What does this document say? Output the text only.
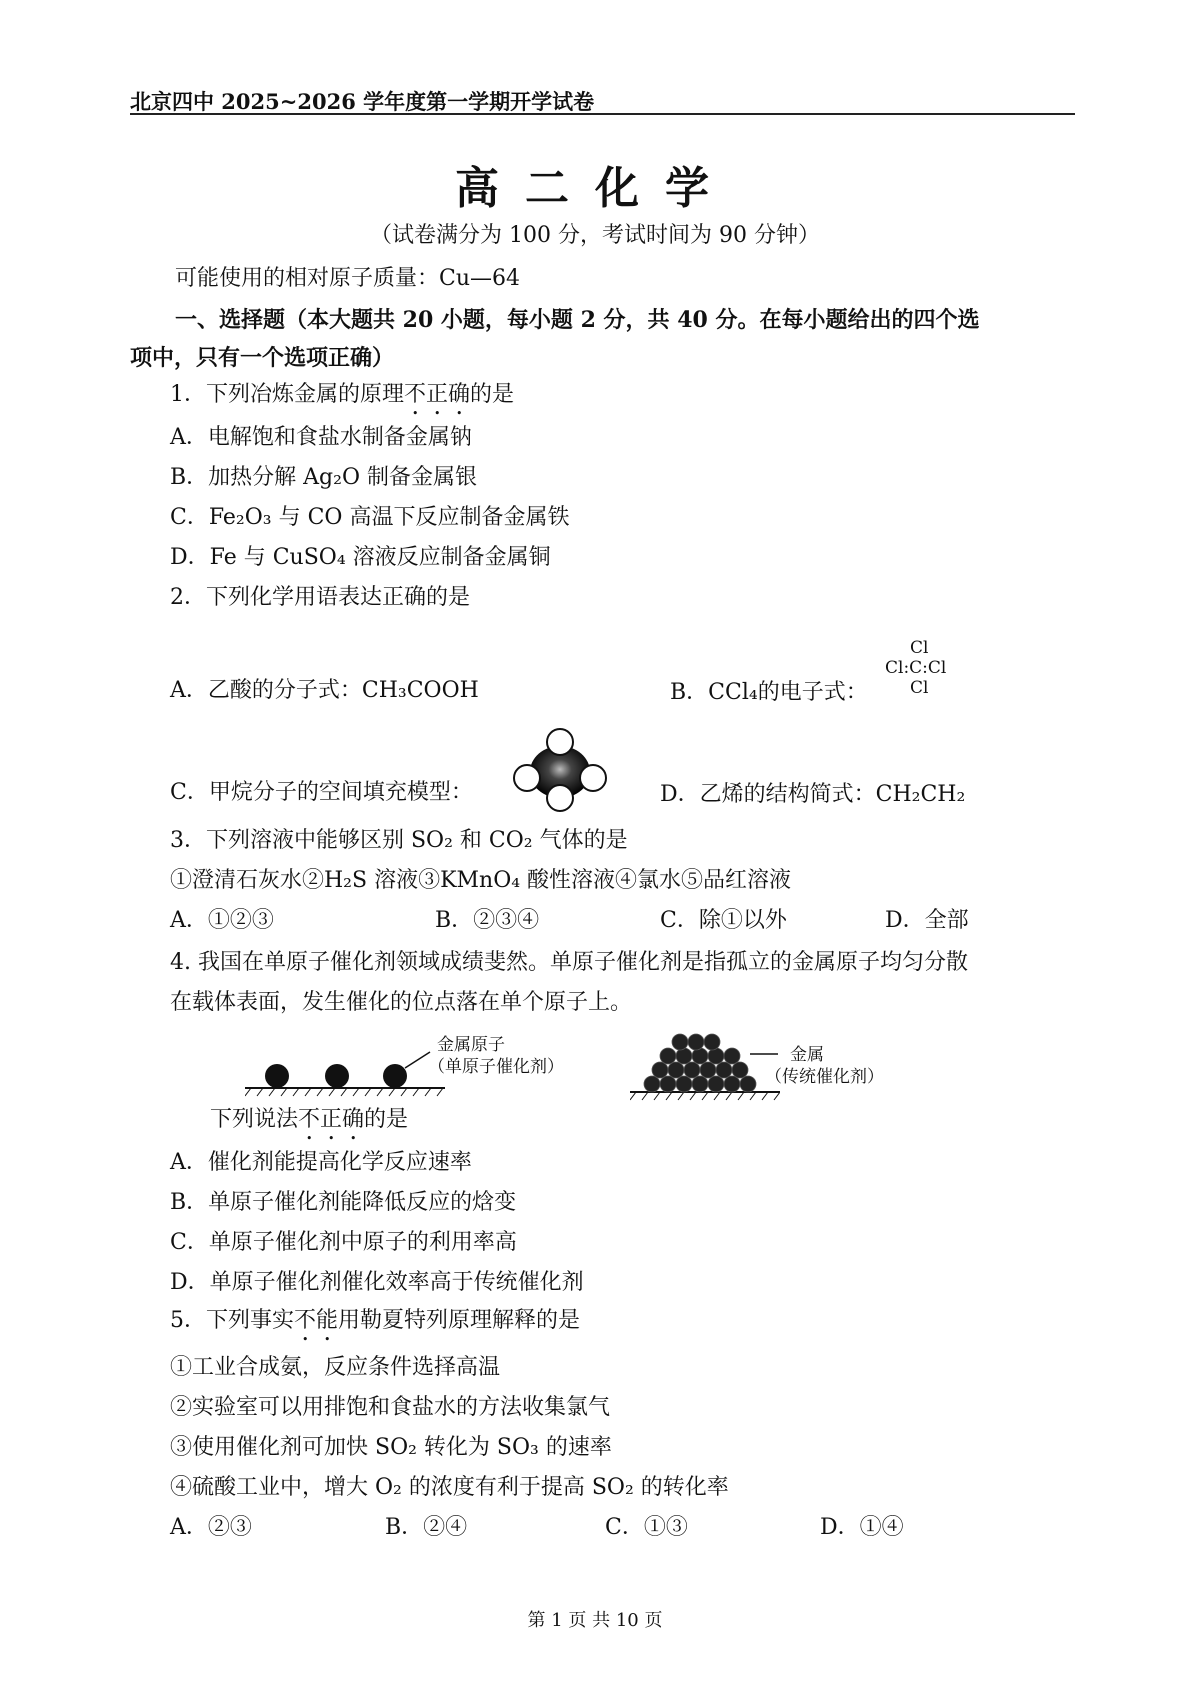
北京四中 2025~2026 学年度第一学期开学试卷
高二化学
（试卷满分为 100 分，考试时间为 90 分钟）
可能使用的相对原子质量：Cu—64
一、选择题（本大题共 20 小题，每小题 2 分，共 40 分。在每小题给出的四个选
项中，只有一个选项正确）
1．下列冶炼金属的原理不正确的是
A．电解饱和食盐水制备金属钠
B．加热分解 Ag₂O 制备金属银
C．Fe₂O₃ 与 CO 高温下反应制备金属铁
D．Fe 与 CuSO₄ 溶液反应制备金属铜
2．下列化学用语表达正确的是
A．乙酸的分子式：CH₃COOH	B．CCl₄的电子式：
Cl
Cl:C:Cl
Cl
C．甲烷分子的空间填充模型：	D．乙烯的结构简式：CH₂CH₂
3．下列溶液中能够区别 SO₂ 和 CO₂ 气体的是
①澄清石灰水②H₂S 溶液③KMnO₄ 酸性溶液④氯水⑤品红溶液
A．①②③	B．②③④	C．除①以外	D．全部
4. 我国在单原子催化剂领域成绩斐然。单原子催化剂是指孤立的金属原子均匀分散
在载体表面，发生催化的位点落在单个原子上。
金属原子
（单原子催化剂）
金属
（传统催化剂）
下列说法不正确的是
A．催化剂能提高化学反应速率
B．单原子催化剂能降低反应的焓变
C．单原子催化剂中原子的利用率高
D．单原子催化剂催化效率高于传统催化剂
5．下列事实不能用勒夏特列原理解释的是
①工业合成氨，反应条件选择高温
②实验室可以用排饱和食盐水的方法收集氯气
③使用催化剂可加快 SO₂ 转化为 SO₃ 的速率
④硫酸工业中，增大 O₂ 的浓度有利于提高 SO₂ 的转化率
A．②③	B．②④	C．①③	D．①④
第 1 页 共 10 页
